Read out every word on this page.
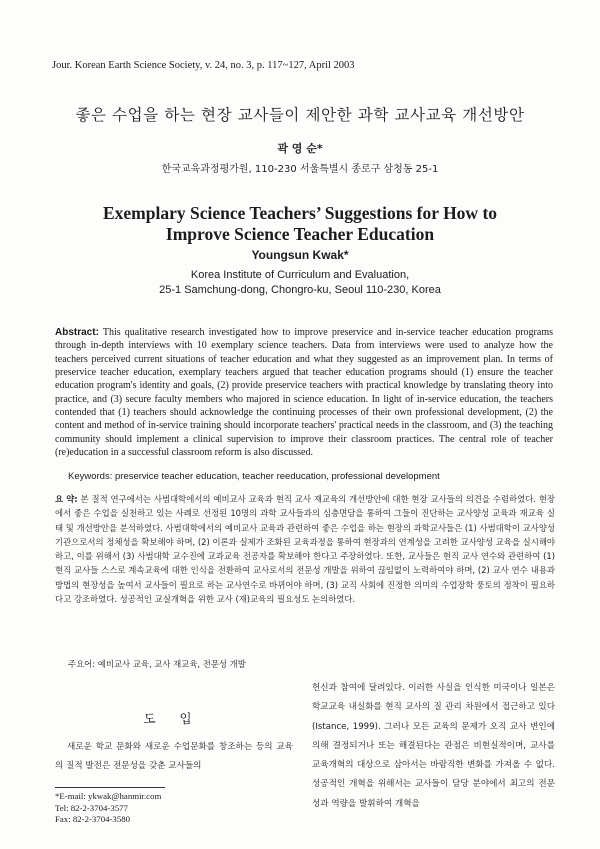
Jour. Korean Earth Science Society, v. 24, no. 3, p. 117~127, April 2003
좋은 수업을 하는 현장 교사들이 제안한 과학 교사교육 개선방안
곽 영 순*
한국교육과정평가원, 110-230 서울특별시 종로구 삼청동 25-1
Exemplary Science Teachers’ Suggestions for How to
Improve Science Teacher Education
Youngsun Kwak*
Korea Institute of Curriculum and Evaluation,
25-1 Samchung-dong, Chongro-ku, Seoul 110-230, Korea

Abstract: This qualitative research investigated how to improve preservice and in-service teacher education programs through in-depth interviews with 10 exemplary science teachers. Data from interviews were used to analyze how the teachers perceived current situations of teacher education and what they suggested as an improvement plan. In terms of preservice teacher education, exemplary teachers argued that teacher education programs should (1) ensure the teacher education program's identity and goals, (2) provide preservice teachers with practical knowledge by translating theory into practice, and (3) secure faculty members who majored in science education. In light of in-service education, the teachers contended that (1) teachers should acknowledge the continuing processes of their own professional development, (2) the content and method of in-service training should incorporate teachers' practical needs in the classroom, and (3) the teaching community should implement a clinical supervision to improve their classroom practices. The central role of teacher (re)education in a successful classroom reform is also discussed.

Keywords: preservice teacher education, teacher reeducation, professional development

요 약: 본 질적 연구에서는 사범대학에서의 예비교사 교육과 현직 교사 재교육의 개선방안에 대한 현장 교사들의 의견을 수렴하였다. 현장에서 좋은 수업을 실천하고 있는 사례로 선정된 10명의 과학 교사들과의 심층면담을 통하여 그들이 진단하는 교사양성 교육과 재교육 실태 및 개선방안을 분석하였다. 사범대학에서의 예비교사 교육과 관련하여 좋은 수업을 하는 현장의 과학교사들은 (1) 사범대학이 교사양성 기관으로서의 정체성을 확보해야 하며, (2) 이론과 실제가 조화된 교육과정을 통하여 현장과의 연계성을 고려한 교사양성 교육을 실시해야 하고, 이를 위해서 (3) 사범대학 교수진에 교과교육 전공자를 확보해야 한다고 주장하였다. 또한, 교사들은 현직 교사 연수와 관련하여 (1) 현직 교사들 스스로 계속교육에 대한 인식을 전환하여 교사로서의 전문성 개발을 위하여 끊임없이 노력하여야 하며, (2) 교사 연수 내용과 방법의 현장성을 높여서 교사들이 필요로 하는 교사연수로 바뀌어야 하며, (3) 교직 사회에 진정한 의미의 수업장학 풍토의 정착이 필요하다고 강조하였다. 성공적인 교실개혁을 위한 교사 (재)교육의 필요성도 논의하였다.

주요어: 예비교사 교육, 교사 재교육, 전문성 개발
도 입

새로운 학교 문화와 새로운 수업문화를 창조하는 등의 교육의 질적 발전은 전문성을 갖춘 교사들의

*E-mail: ykwak@hanmir.com
Tel: 82-2-3704-3577
Fax: 82-2-3704-3580

헌신과 참여에 달려있다. 이러한 사실을 인식한 미국이나 일본은 학교교육 내실화를 현직 교사의 질 관리 차원에서 접근하고 있다(Istance, 1999). 그러나 모든 교육의 문제가 오직 교사 변인에 의해 결정되거나 또는 해결된다는 관점은 비현실적이며, 교사를 교육개혁의 대상으로 삼아서는 바람직한 변화를 가져올 수 없다. 성공적인 개혁을 위해서는 교사들이 담당 분야에서 최고의 전문성과 역량을 발휘하여 개혁을
